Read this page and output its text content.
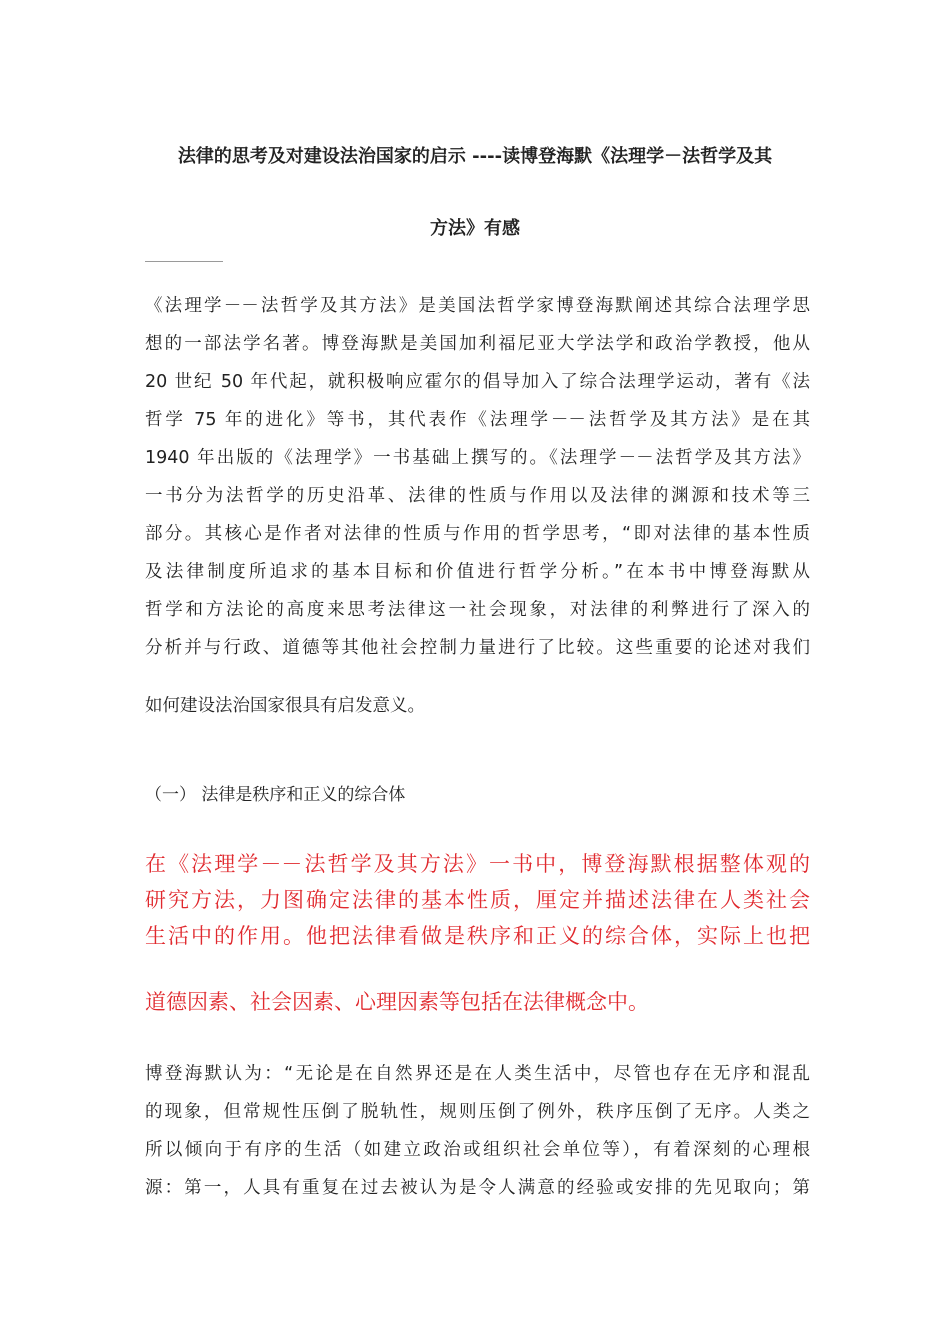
法律的思考及对建设法治国家的启示 ----读博登海默《法理学－法哲学及其
方法》有感
《法理学－－法哲学及其方法》是美国法哲学家博登海默阐述其综合法理学思
想的一部法学名著。博登海默是美国加利福尼亚大学法学和政治学教授，他从
20 世纪 50 年代起，就积极响应霍尔的倡导加入了综合法理学运动，著有《法
哲学 75 年的进化》等书，其代表作《法理学－－法哲学及其方法》是在其
1940 年出版的《法理学》一书基础上撰写的。《法理学－－法哲学及其方法》
一书分为法哲学的历史沿革、法律的性质与作用以及法律的渊源和技术等三
部分。其核心是作者对法律的性质与作用的哲学思考，“即对法律的基本性质
及法律制度所追求的基本目标和价值进行哲学分析。”在本书中博登海默从
哲学和方法论的高度来思考法律这一社会现象，对法律的利弊进行了深入的
分析并与行政、道德等其他社会控制力量进行了比较。这些重要的论述对我们
如何建设法治国家很具有启发意义。
（一） 法律是秩序和正义的综合体
在《法理学－－法哲学及其方法》一书中，博登海默根据整体观的
研究方法，力图确定法律的基本性质，厘定并描述法律在人类社会
生活中的作用。他把法律看做是秩序和正义的综合体，实际上也把
道德因素、社会因素、心理因素等包括在法律概念中。
博登海默认为：“无论是在自然界还是在人类生活中，尽管也存在无序和混乱
的现象，但常规性压倒了脱轨性，规则压倒了例外，秩序压倒了无序。人类之
所以倾向于有序的生活（如建立政治或组织社会单位等），有着深刻的心理根
源：第一，人具有重复在过去被认为是令人满意的经验或安排的先见取向；第
